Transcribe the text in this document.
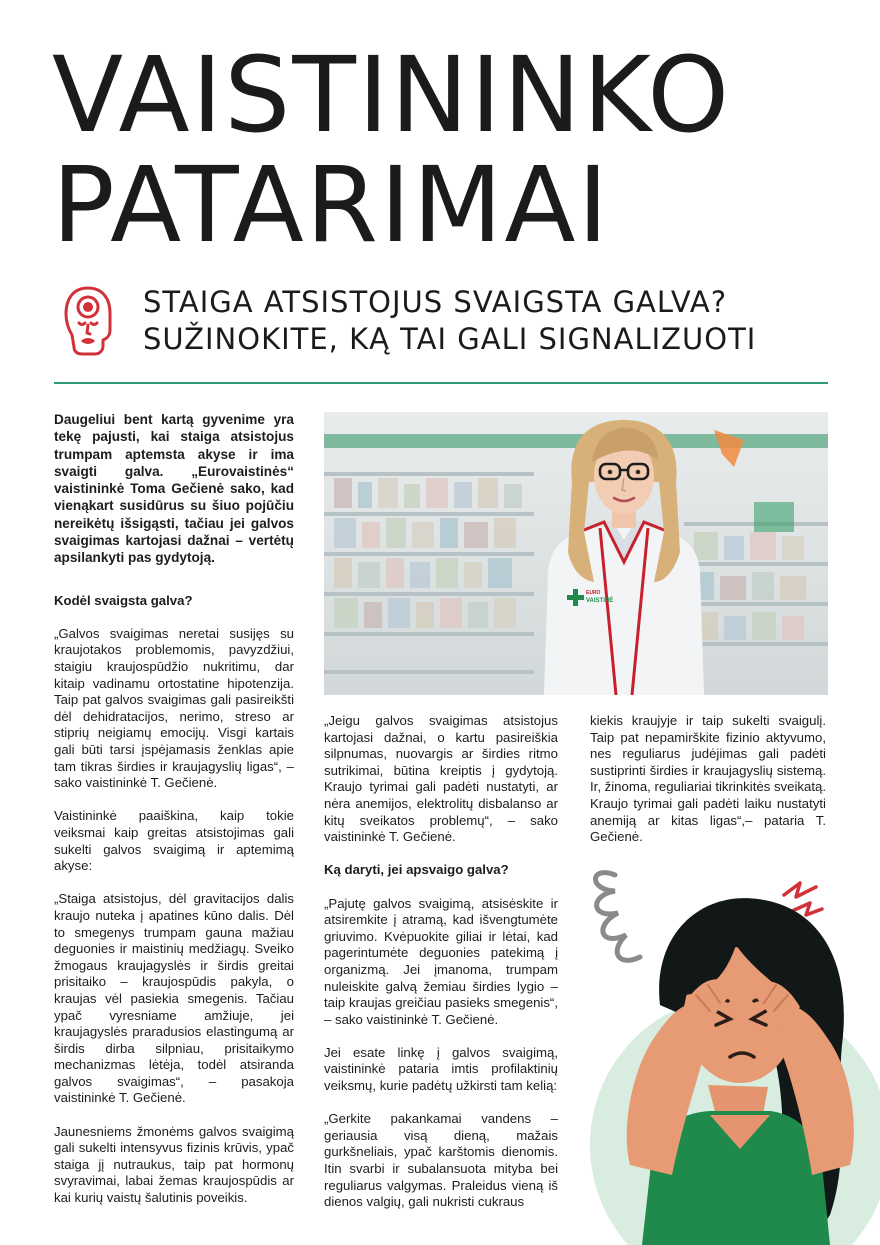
VAISTININKO
PATARIMAI
STAIGA ATSISTOJUS SVAIGSTA GALVA?
SUŽINOKITE, KĄ TAI GALI SIGNALIZUOTI

Daugeliui bent kartą gyvenime yra tekę pajusti, kai staiga atsistojus trumpam aptemsta akyse ir ima svaigti galva. „Eurovaistinės“ vaistininkė Toma Gečienė sako, kad vienąkart susidūrus su šiuo pojūčiu nereikėtų išsigąsti, tačiau jei galvos svaigimas kartojasi dažnai – vertėtų apsilankyti pas gydytoją.

Kodėl svaigsta galva?

„Galvos svaigimas neretai susijęs su kraujotakos problemomis, pavyzdžiui, staigiu kraujospūdžio nukritimu, dar kitaip vadinamu ortostatine hipotenzija. Taip pat galvos svaigimas gali pasireikšti dėl dehidratacijos, nerimo, streso ar stiprių neigiamų emocijų. Visgi kartais gali būti tarsi įspėjamasis ženklas apie tam tikras širdies ir kraujagyslių ligas“, – sako vaistininkė T. Gečienė.

Vaistininkė paaiškina, kaip tokie veiksmai kaip greitas atsistojimas gali sukelti galvos svaigimą ir aptemimą akyse:

„Staiga atsistojus, dėl gravitacijos dalis kraujo nuteka į apatines kūno dalis. Dėl to smegenys trumpam gauna mažiau deguonies ir maistinių medžiagų. Sveiko žmogaus kraujagyslės ir širdis greitai prisitaiko – kraujospūdis pakyla, o kraujas vėl pasiekia smegenis. Tačiau ypač vyresniame amžiuje, jei kraujagyslės praradusios elastingumą ar širdis dirba silpniau, prisitaikymo mechanizmas lėtėja, todėl atsiranda galvos svaigimas“, – pasakoja vaistininkė T. Gečienė.

Jaunesniems žmonėms galvos svaigimą gali sukelti intensyvus fizinis krūvis, ypač staiga jį nutraukus, taip pat hormonų svyravimai, labai žemas kraujospūdis ar kai kurių vaistų šalutinis poveikis.

EURO
VAISTINĖ

„Jeigu galvos svaigimas atsistojus kartojasi dažnai, o kartu pasireiškia silpnumas, nuovargis ar širdies ritmo sutrikimai, būtina kreiptis į gydytoją. Kraujo tyrimai gali padėti nustatyti, ar nėra anemijos, elektrolitų disbalanso ar kitų sveikatos problemų“, – sako vaistininkė T. Gečienė.

Ką daryti, jei apsvaigo galva?

„Pajutę galvos svaigimą, atsisėskite ir atsiremkite į atramą, kad išvengtumėte griuvimo. Kvėpuokite giliai ir lėtai, kad pagerintumėte deguonies patekimą į organizmą. Jei įmanoma, trumpam nuleiskite galvą žemiau širdies lygio – taip kraujas greičiau pasieks smegenis“, – sako vaistininkė T. Gečienė.

Jei esate linkę į galvos svaigimą, vaistininkė pataria imtis profilaktinių veiksmų, kurie padėtų užkirsti tam kelią:

„Gerkite pakankamai vandens – geriausia visą dieną, mažais gurkšneliais, ypač karštomis dienomis. Itin svarbi ir subalansuota mityba bei reguliarus valgymas. Praleidus vieną iš dienos valgių, gali nukristi cukraus

kiekis kraujyje ir taip sukelti svaigulį. Taip pat nepamirškite fizinio aktyvumo, nes reguliarus judėjimas gali padėti sustiprinti širdies ir kraujagyslių sistemą. Ir, žinoma, reguliariai tikrinkitės sveikatą. Kraujo tyrimai gali padėti laiku nustatyti anemiją ar kitas ligas“,– pataria T. Gečienė.
